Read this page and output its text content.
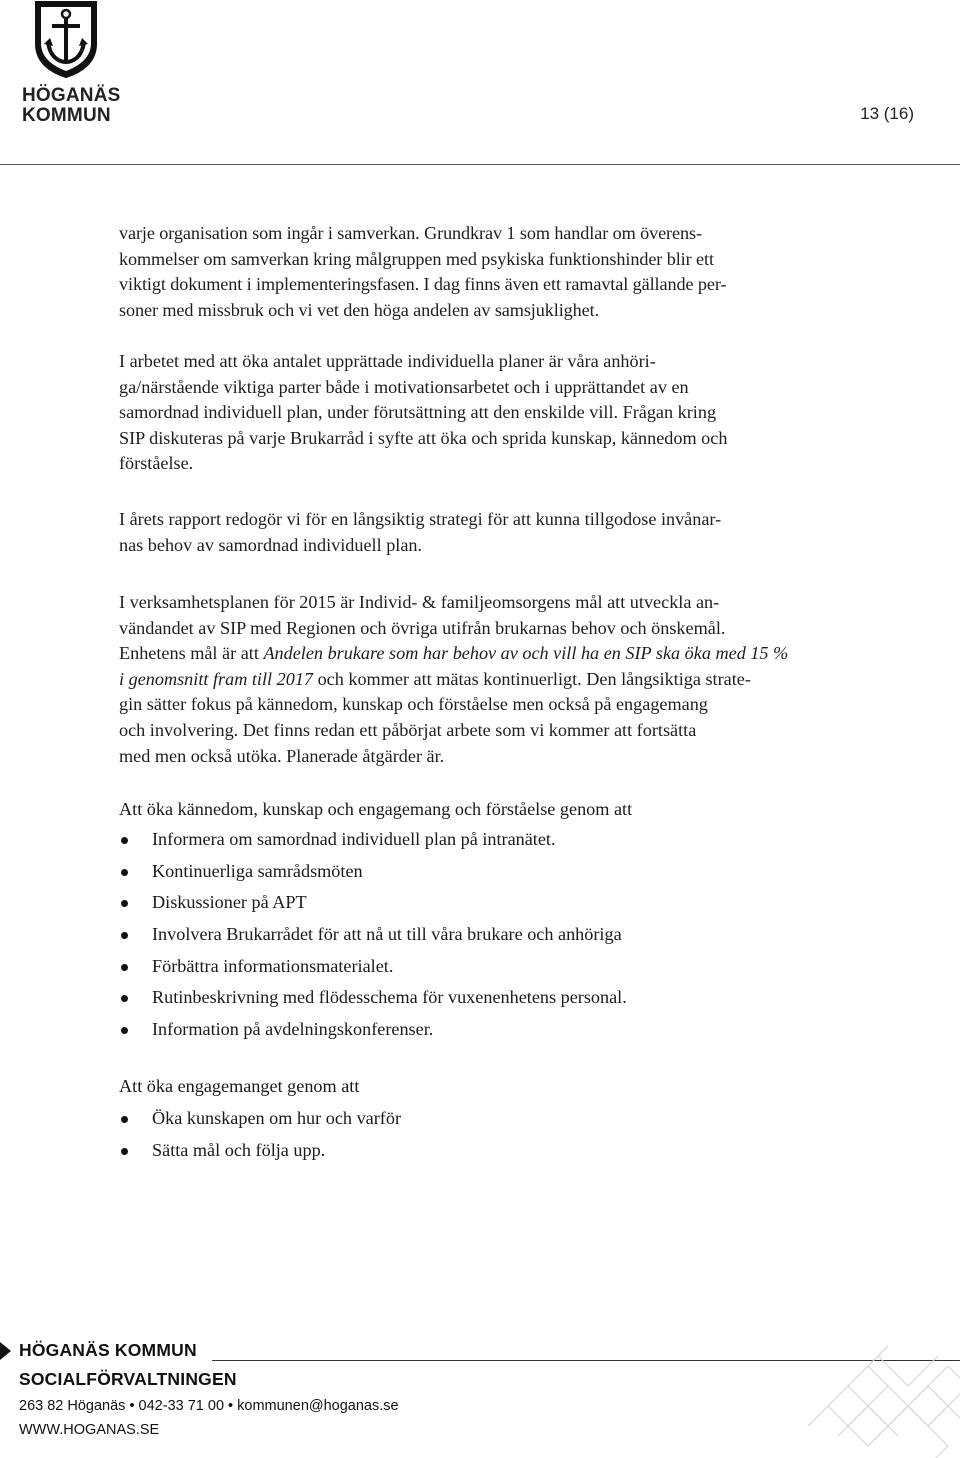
HÖGANÄS
KOMMUN	13 (16)

varje organisation som ingår i samverkan. Grundkrav 1 som handlar om överens-
kommelser om samverkan kring målgruppen med psykiska funktionshinder blir ett
viktigt dokument i implementeringsfasen. I dag finns även ett ramavtal gällande per-
soner med missbruk och vi vet den höga andelen av samsjuklighet.

I arbetet med att öka antalet upprättade individuella planer är våra anhöri-
ga/närstående viktiga parter både i motivationsarbetet och i upprättandet av en
samordnad individuell plan, under förutsättning att den enskilde vill. Frågan kring
SIP diskuteras på varje Brukarråd i syfte att öka och sprida kunskap, kännedom och
förståelse.

I årets rapport redogör vi för en långsiktig strategi för att kunna tillgodose invånar-
nas behov av samordnad individuell plan.

I verksamhetsplanen för 2015 är Individ- & familjeomsorgens mål att utveckla an-
vändandet av SIP med Regionen och övriga utifrån brukarnas behov och önskemål.
Enhetens mål är att Andelen brukare som har behov av och vill ha en SIP ska öka med 15 %
i genomsnitt fram till 2017 och kommer att mätas kontinuerligt. Den långsiktiga strate-
gin sätter fokus på kännedom, kunskap och förståelse men också på engagemang
och involvering. Det finns redan ett påbörjat arbete som vi kommer att fortsätta
med men också utöka. Planerade åtgärder är.

Att öka kännedom, kunskap och engagemang och förståelse genom att
Informera om samordnad individuell plan på intranätet.
Kontinuerliga samrådsmöten
Diskussioner på APT
Involvera Brukarrådet för att nå ut till våra brukare och anhöriga
Förbättra informationsmaterialet.
Rutinbeskrivning med flödesschema för vuxenenhetens personal.
Information på avdelningskonferenser.
Att öka engagemanget genom att
Öka kunskapen om hur och varför
Sätta mål och följa upp.
HÖGANÄS KOMMUN
SOCIALFÖRVALTNINGEN
263 82 Höganäs • 042-33 71 00 • kommunen@hoganas.se
WWW.HOGANAS.SE
